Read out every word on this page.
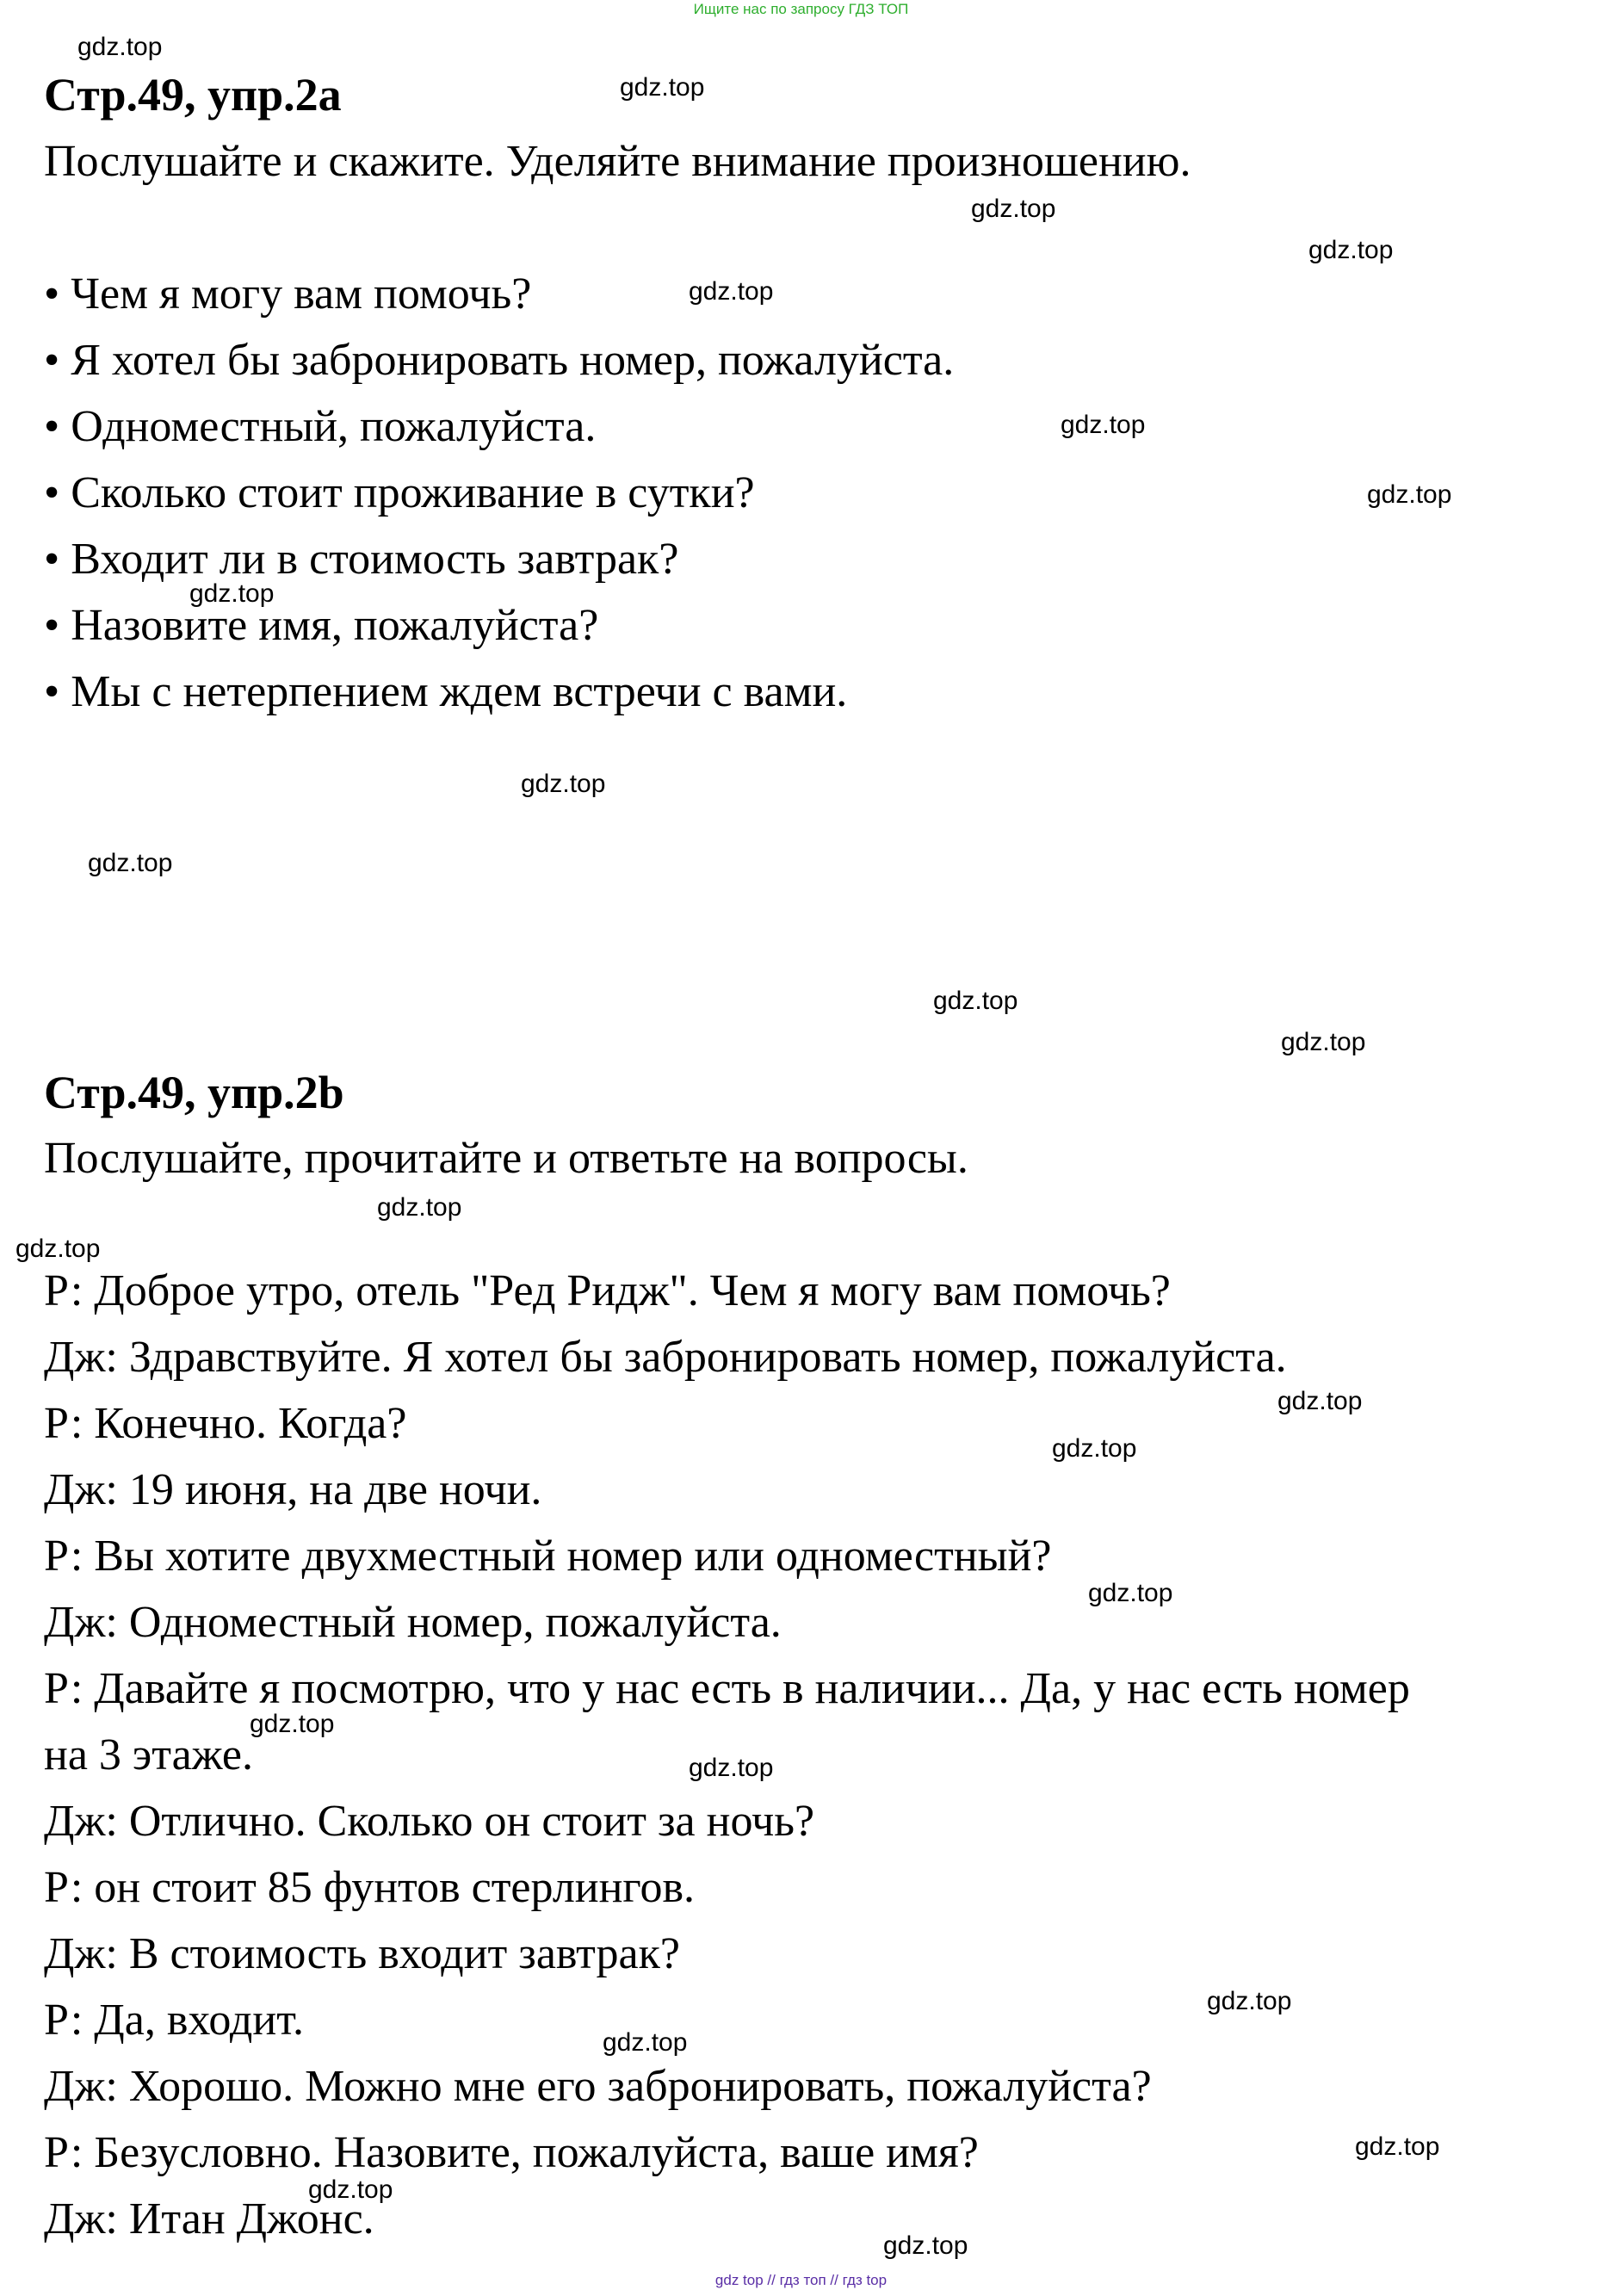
Ищите нас по запросу ГДЗ ТОП
Стр.49, упр.2а
Послушайте и скажите. Уделяйте внимание произношению.
• Чем я могу вам помочь?
• Я хотел бы забронировать номер, пожалуйста.
• Одноместный, пожалуйста.
• Сколько стоит проживание в сутки?
• Входит ли в стоимость завтрак?
• Назовите имя, пожалуйста?
• Мы с нетерпением ждем встречи с вами.
Стр.49, упр.2b
Послушайте, прочитайте и ответьте на вопросы.
Р: Доброе утро, отель "Ред Ридж". Чем я могу вам помочь?
Дж: Здравствуйте. Я хотел бы забронировать номер, пожалуйста.
Р: Конечно. Когда?
Дж: 19 июня, на две ночи.
Р: Вы хотите двухместный номер или одноместный?
Дж: Одноместный номер, пожалуйста.
Р: Давайте я посмотрю, что у нас есть в наличии... Да, у нас есть номер
на 3 этаже.
Дж: Отлично. Сколько он стоит за ночь?
Р: он стоит 85 фунтов стерлингов.
Дж: В стоимость входит завтрак?
Р: Да, входит.
Дж: Хорошо. Можно мне его забронировать, пожалуйста?
Р: Безусловно. Назовите, пожалуйста, ваше имя?
Дж: Итан Джонс.
gdz.top
gdz.top
gdz.top
gdz.top
gdz.top
gdz.top
gdz.top
gdz.top
gdz.top
gdz.top
gdz.top
gdz.top
gdz.top
gdz.top
gdz.top
gdz.top
gdz.top
gdz.top
gdz.top
gdz.top
gdz.top
gdz.top
gdz.top
gdz.top
gdz top // гдз топ // гдз top
